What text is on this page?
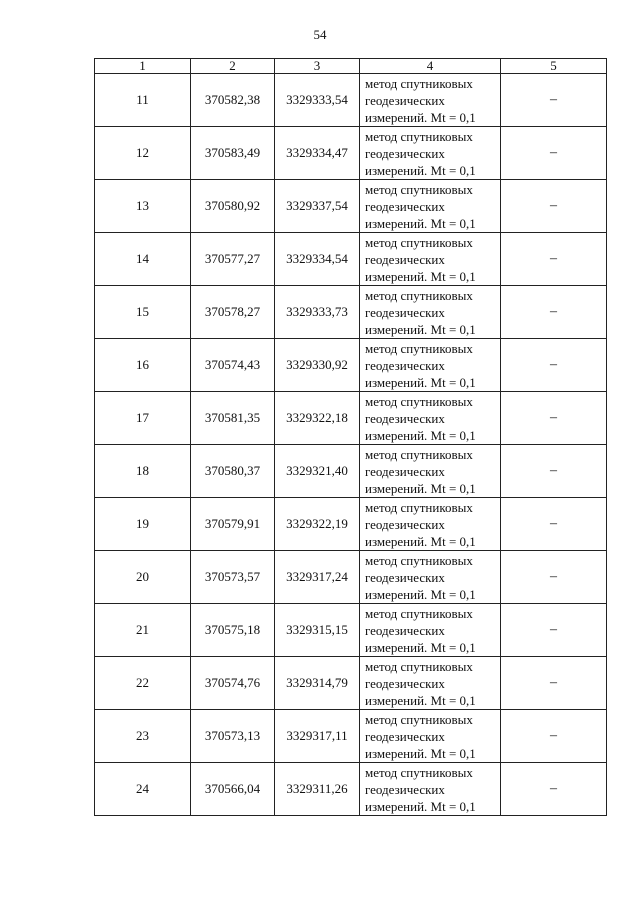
54
1	2	3	4	5
11	370582,38	3329333,54	метод спутниковых
геодезических
измерений. Mt = 0,1	–
12	370583,49	3329334,47	метод спутниковых
геодезических
измерений. Mt = 0,1	–
13	370580,92	3329337,54	метод спутниковых
геодезических
измерений. Mt = 0,1	–
14	370577,27	3329334,54	метод спутниковых
геодезических
измерений. Mt = 0,1	–
15	370578,27	3329333,73	метод спутниковых
геодезических
измерений. Mt = 0,1	–
16	370574,43	3329330,92	метод спутниковых
геодезических
измерений. Mt = 0,1	–
17	370581,35	3329322,18	метод спутниковых
геодезических
измерений. Mt = 0,1	–
18	370580,37	3329321,40	метод спутниковых
геодезических
измерений. Mt = 0,1	–
19	370579,91	3329322,19	метод спутниковых
геодезических
измерений. Mt = 0,1	–
20	370573,57	3329317,24	метод спутниковых
геодезических
измерений. Mt = 0,1	–
21	370575,18	3329315,15	метод спутниковых
геодезических
измерений. Mt = 0,1	–
22	370574,76	3329314,79	метод спутниковых
геодезических
измерений. Mt = 0,1	–
23	370573,13	3329317,11	метод спутниковых
геодезических
измерений. Mt = 0,1	–
24	370566,04	3329311,26	метод спутниковых
геодезических
измерений. Mt = 0,1	–
